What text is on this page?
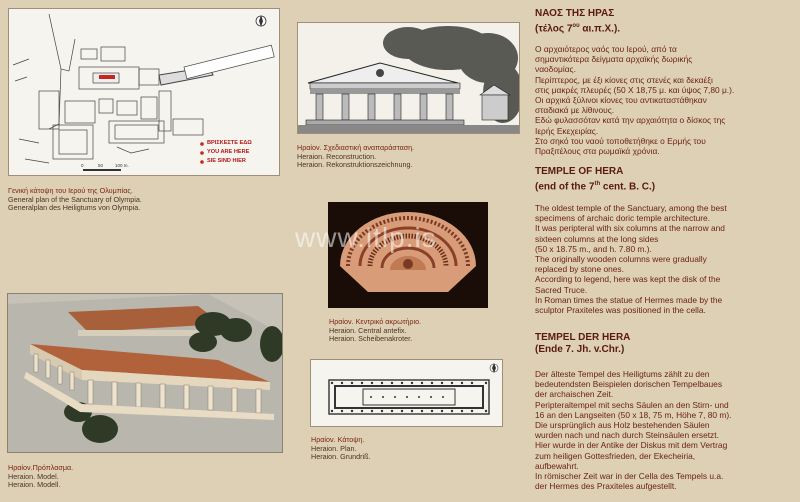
ΒΡΙΣΚΕΣΤΕ ΕΔΩ
YOU ARE HERE
SIE SIND HIER
0	50	100 m.
Γενική κάτοψη του Ιερού της Ολυμπίας.
General plan of the Sanctuary of Olympia.
Generalplan des Heiligtums von Olympia.
Ηραίον. Σχεδιαστική αναπαράσταση.
Heraion. Reconstruction.
Heraion. Rekonstruktionszeichnung.
Ηραίον. Κεντρικό ακρωτήριο.
Heraion. Central antefix.
Heraion. Scheibenakroter.
Ηραίον.Πρόπλασμα.
Heraion. Model.
Heraion. Modell.
Ηραίον. Κάτοψη.
Heraion. Plan.
Heraion. Grundriß.
www.itlp.is
ΝΑΟΣ ΤΗΣ ΗΡΑΣ
(τέλος $7^{o\upsilon}$ αι.π.Χ.).
Ο αρχαιότερος ναός του Ιερού, από τα
σημαντικότερα δείγματα αρχαϊκής δωρικής
ναοδομίας.
Περίπτερος, με έξι κίονες στις στενές και δεκαέξι
στις μακρές πλευρές (50 Χ 18,75 μ. και ύψος 7,80 μ.).
Οι αρχικά ξύλινοι κίονες του αντικαταστάθηκαν
σταδιακά με λίθινους.
Εδώ φυλασσόταν κατά την αρχαιότητα ο δίσκος της
Ιερής Εκεχειρίας.
Στο σηκό του ναού τοποθετήθηκε ο Ερμής του
Πραξιτέλους στα ρωμαϊκά χρόνια.
TEMPLE OF HERA
(end of the 7th cent. B. C.)
The oldest temple of the Sanctuary, among the best
specimens of archaic doric temple architecture.
It was peripteral with six columns at the narrow and
sixteen columns at the long sides
(50 x 18.75 m., and h. 7.80 m.).
The originally wooden columns were gradually
replaced by stone ones.
According to legend, here was kept the disk of the
Sacred Truce.
In Roman times the statue of Hermes made by the
sculptor Praxiteles was positioned in the cella.
TEMPEL DER HERA
(Ende 7. Jh. v.Chr.)
Der älteste Tempel des Heiligtums zählt zu den
bedeutendsten Beispielen dorischen Tempelbaues
der archaischen Zeit.
Peripteraltempel mit sechs Säulen an den Stirn- und
16 an den Langseiten (50 x 18, 75 m, Höhe 7, 80 m).
Die ursprünglich aus Holz bestehenden Säulen
wurden nach und nach durch Steinsäulen ersetzt.
Hier wurde in der Antike der Diskus mit dem Vertrag
zum heiligen Gottesfrieden, der Ekecheiria,
aufbewahrt.
In römischer Zeit war in der Cella des Tempels u.a.
der Hermes des Praxiteles aufgestellt.
